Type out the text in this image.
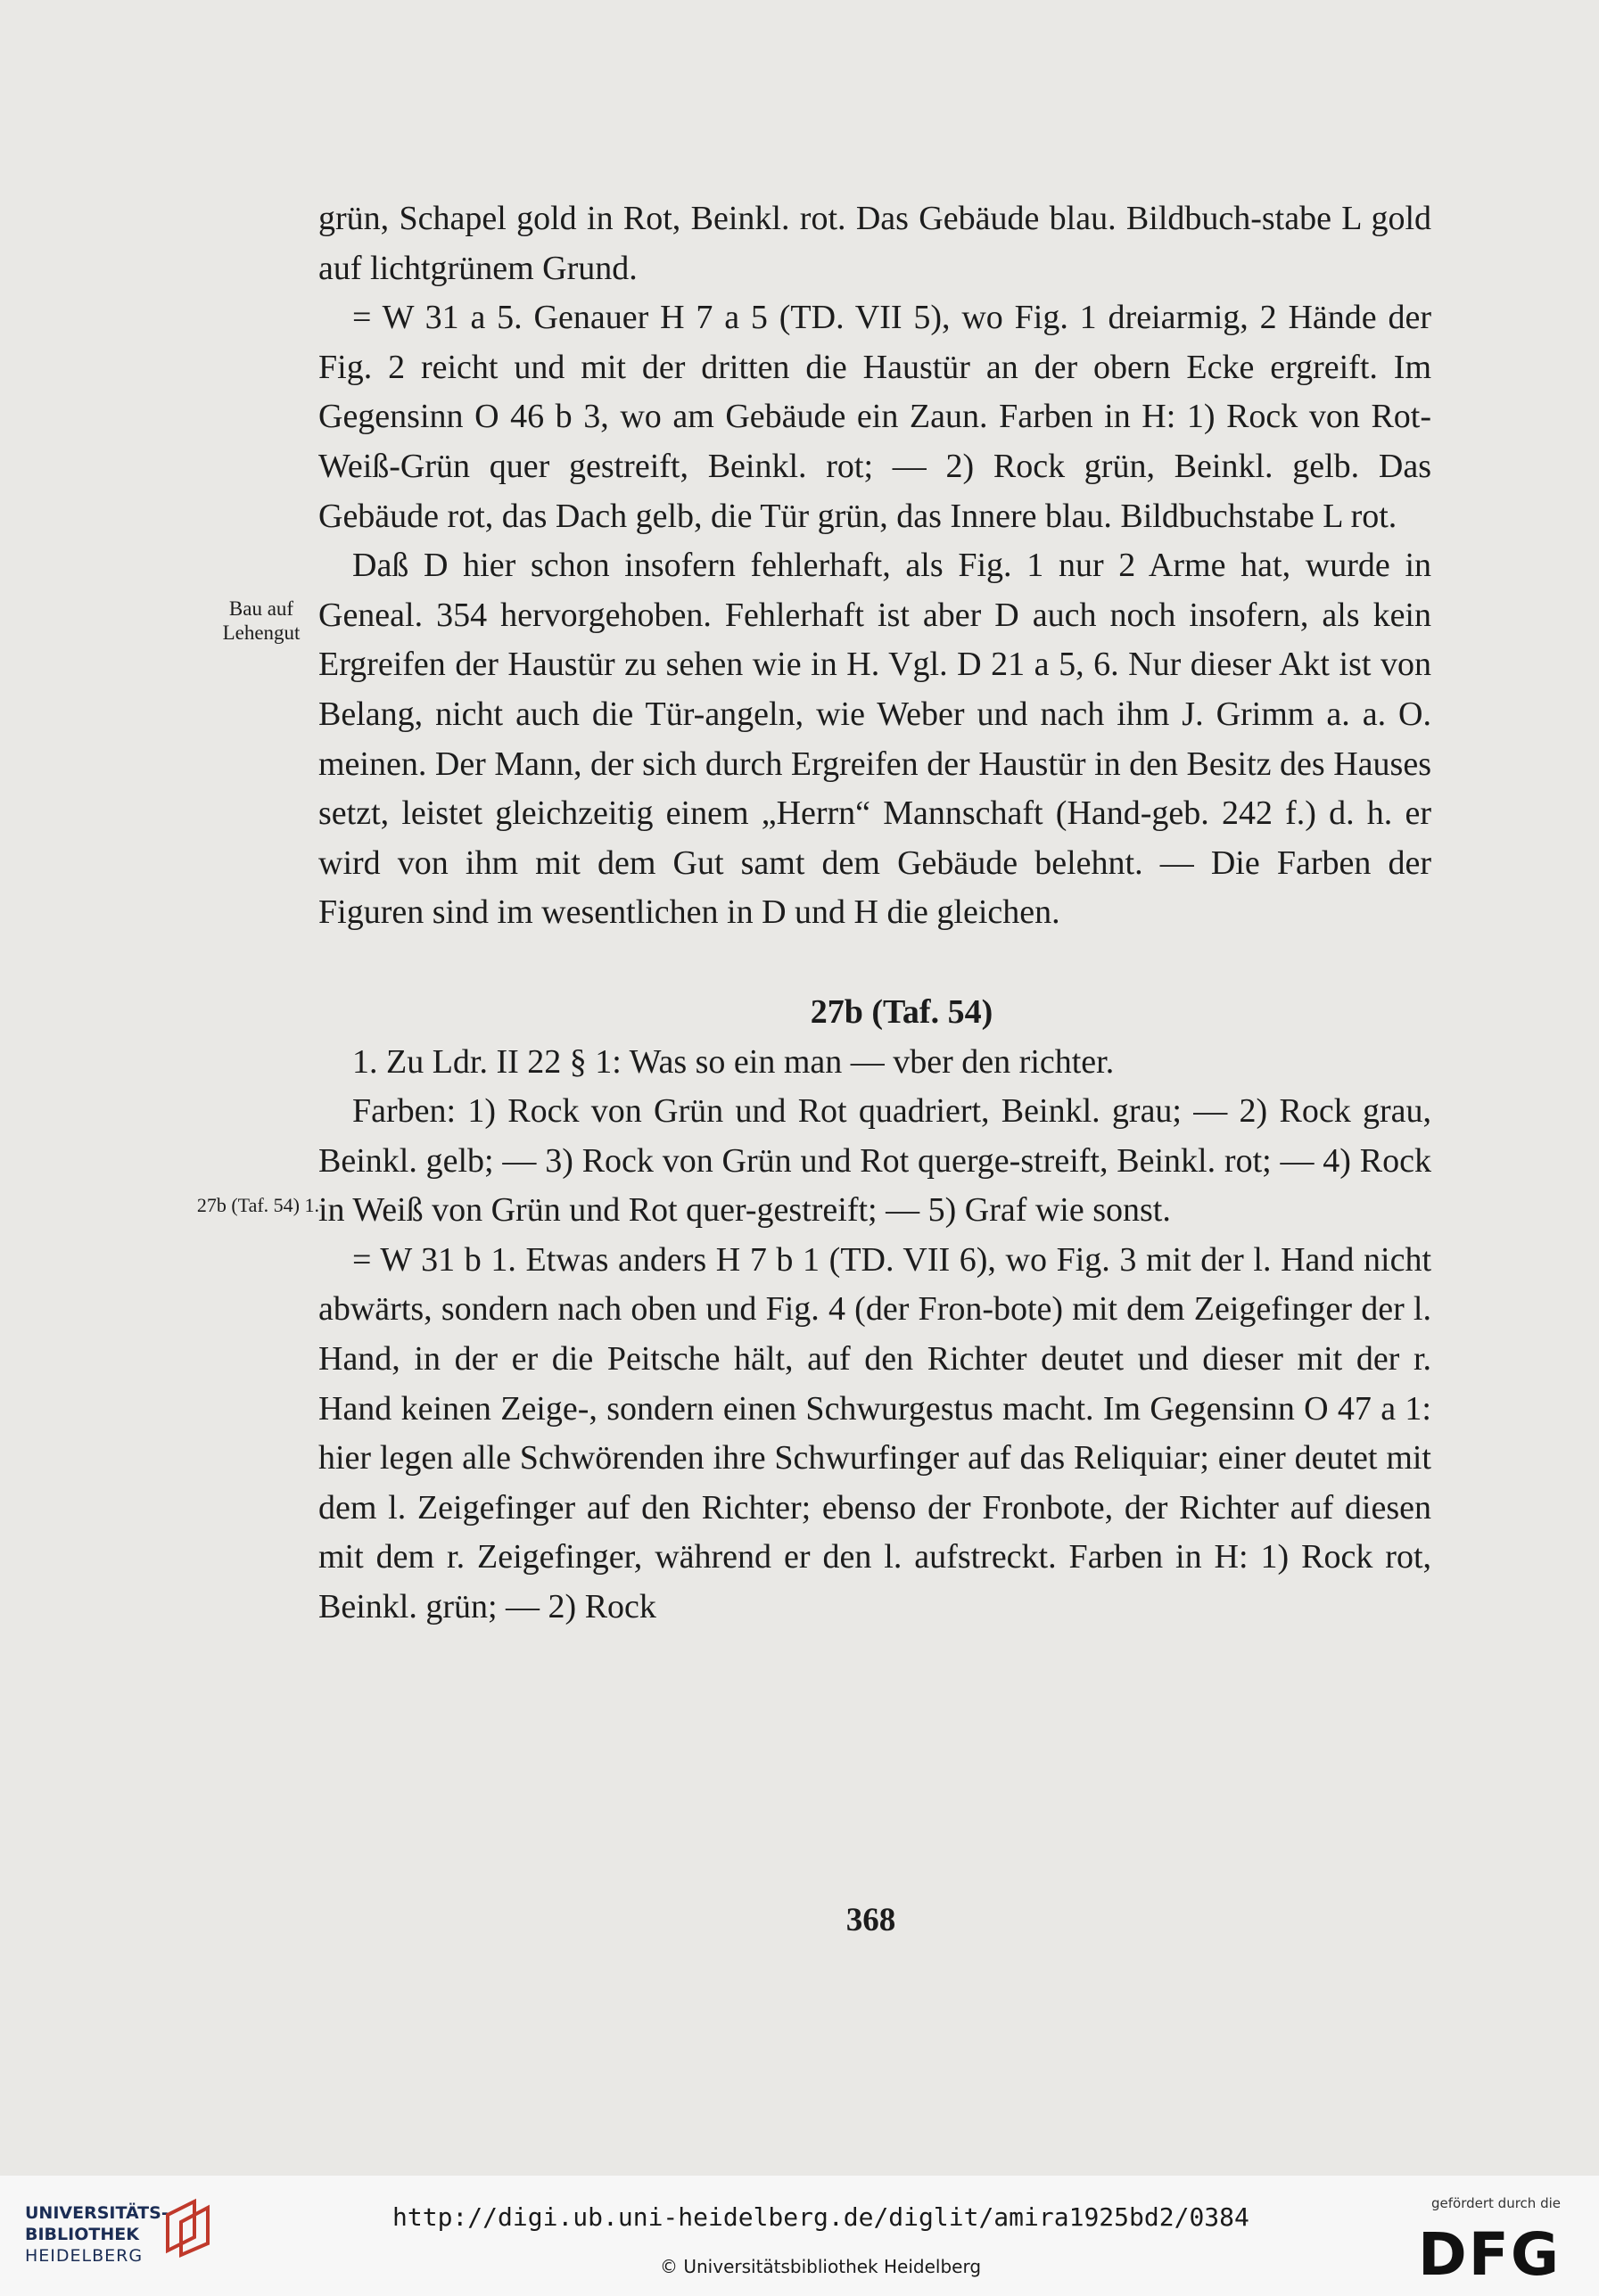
Bau auf
Lehengut
27b (Taf. 54) 1.

grün, Schapel gold in Rot, Beinkl. rot. Das Gebäude blau. Bildbuch-stabe L gold auf lichtgrünem Grund.

= W 31 a 5. Genauer H 7 a 5 (TD. VII 5), wo Fig. 1 dreiarmig, 2 Hände der Fig. 2 reicht und mit der dritten die Haustür an der obern Ecke ergreift. Im Gegensinn O 46 b 3, wo am Gebäude ein Zaun. Farben in H: 1) Rock von Rot-Weiß-Grün quer gestreift, Beinkl. rot; — 2) Rock grün, Beinkl. gelb. Das Gebäude rot, das Dach gelb, die Tür grün, das Innere blau. Bildbuchstabe L rot.

Daß D hier schon insofern fehlerhaft, als Fig. 1 nur 2 Arme hat, wurde in Geneal. 354 hervorgehoben. Fehlerhaft ist aber D auch noch insofern, als kein Ergreifen der Haustür zu sehen wie in H. Vgl. D 21 a 5, 6. Nur dieser Akt ist von Belang, nicht auch die Tür-angeln, wie Weber und nach ihm J. Grimm a. a. O. meinen. Der Mann, der sich durch Ergreifen der Haustür in den Besitz des Hauses setzt, leistet gleichzeitig einem „Herrn“ Mannschaft (Hand-geb. 242 f.) d. h. er wird von ihm mit dem Gut samt dem Gebäude belehnt. — Die Farben der Figuren sind im wesentlichen in D und H die gleichen.

27b (Taf. 54)

1. Zu Ldr. II 22 § 1: Was so ein man — vber den richter.

Farben: 1) Rock von Grün und Rot quadriert, Beinkl. grau; — 2) Rock grau, Beinkl. gelb; — 3) Rock von Grün und Rot querge-streift, Beinkl. rot; — 4) Rock in Weiß von Grün und Rot quer-gestreift; — 5) Graf wie sonst.

= W 31 b 1. Etwas anders H 7 b 1 (TD. VII 6), wo Fig. 3 mit der l. Hand nicht abwärts, sondern nach oben und Fig. 4 (der Fron-bote) mit dem Zeigefinger der l. Hand, in der er die Peitsche hält, auf den Richter deutet und dieser mit der r. Hand keinen Zeige-, sondern einen Schwurgestus macht. Im Gegensinn O 47 a 1: hier legen alle Schwörenden ihre Schwurfinger auf das Reliquiar; einer deutet mit dem l. Zeigefinger auf den Richter; ebenso der Fronbote, der Richter auf diesen mit dem r. Zeigefinger, während er den l. aufstreckt. Farben in H: 1) Rock rot, Beinkl. grün; — 2) Rock

368
UNIVERSITÄTS-
BIBLIOTHEK
HEIDELBERG
http://digi.ub.uni-heidelberg.de/diglit/amira1925bd2/0384
© Universitätsbibliothek Heidelberg
gefördert durch die
DFG
